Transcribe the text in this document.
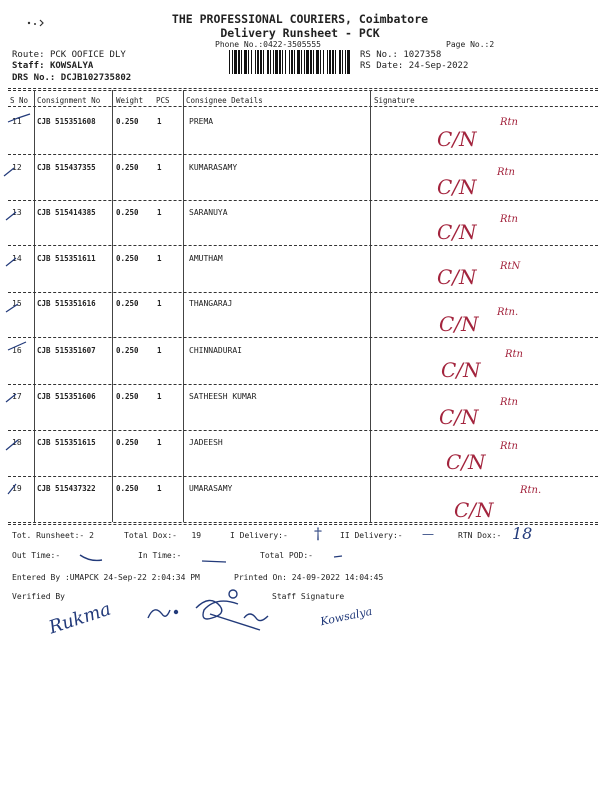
THE PROFESSIONAL COURIERS, Coimbatore
Delivery Runsheet - PCK
Phone No.:0422-3505555	Page No.:2
Route: PCK OOFICE DLY
Staff: KOWSALYA
DRS No.: DCJB102735802
RS No.: 1027358
RS Date: 24-Sep-2022
S No Consignment No Weight PCS Consignee Details	Signature
11 CJB 515351608	0.250 1	PREMA
C/N
Rtn
12 CJB 515437355	0.250 1	KUMARASAMY
C/N
Rtn
13 CJB 515414385	0.250 1	SARANUYA
C/N
Rtn
14 CJB 515351611	0.250 1	AMUTHAM
C/N RtN
15 CJB 515351616	0.250 1	THANGARAJ
C/N Rtn.
16 CJB 515351607	0.250 1	CHINNADURAI
C/N
Rtn
17 CJB 515351606	0.250 1	SATHEESH KUMAR
C/N
Rtn
18 CJB 515351615	0.250 1	JADEESH
C/N
Rtn
19 CJB 515437322	0.250 1	UMARASAMY
C/N
Rtn.
Tot. Runsheet:- 2	Total Dox:- 19	I Delivery:- † II Delivery:- —	RTN Dox:- 18
Out Time:-	In Time:-	Total POD:-
Entered By :UMAPCK 24-Sep-22 2:04:34 PM	Printed On: 24-09-2022 14:04:45
Verified By	Staff Signature
Rukma	Kowsalya
